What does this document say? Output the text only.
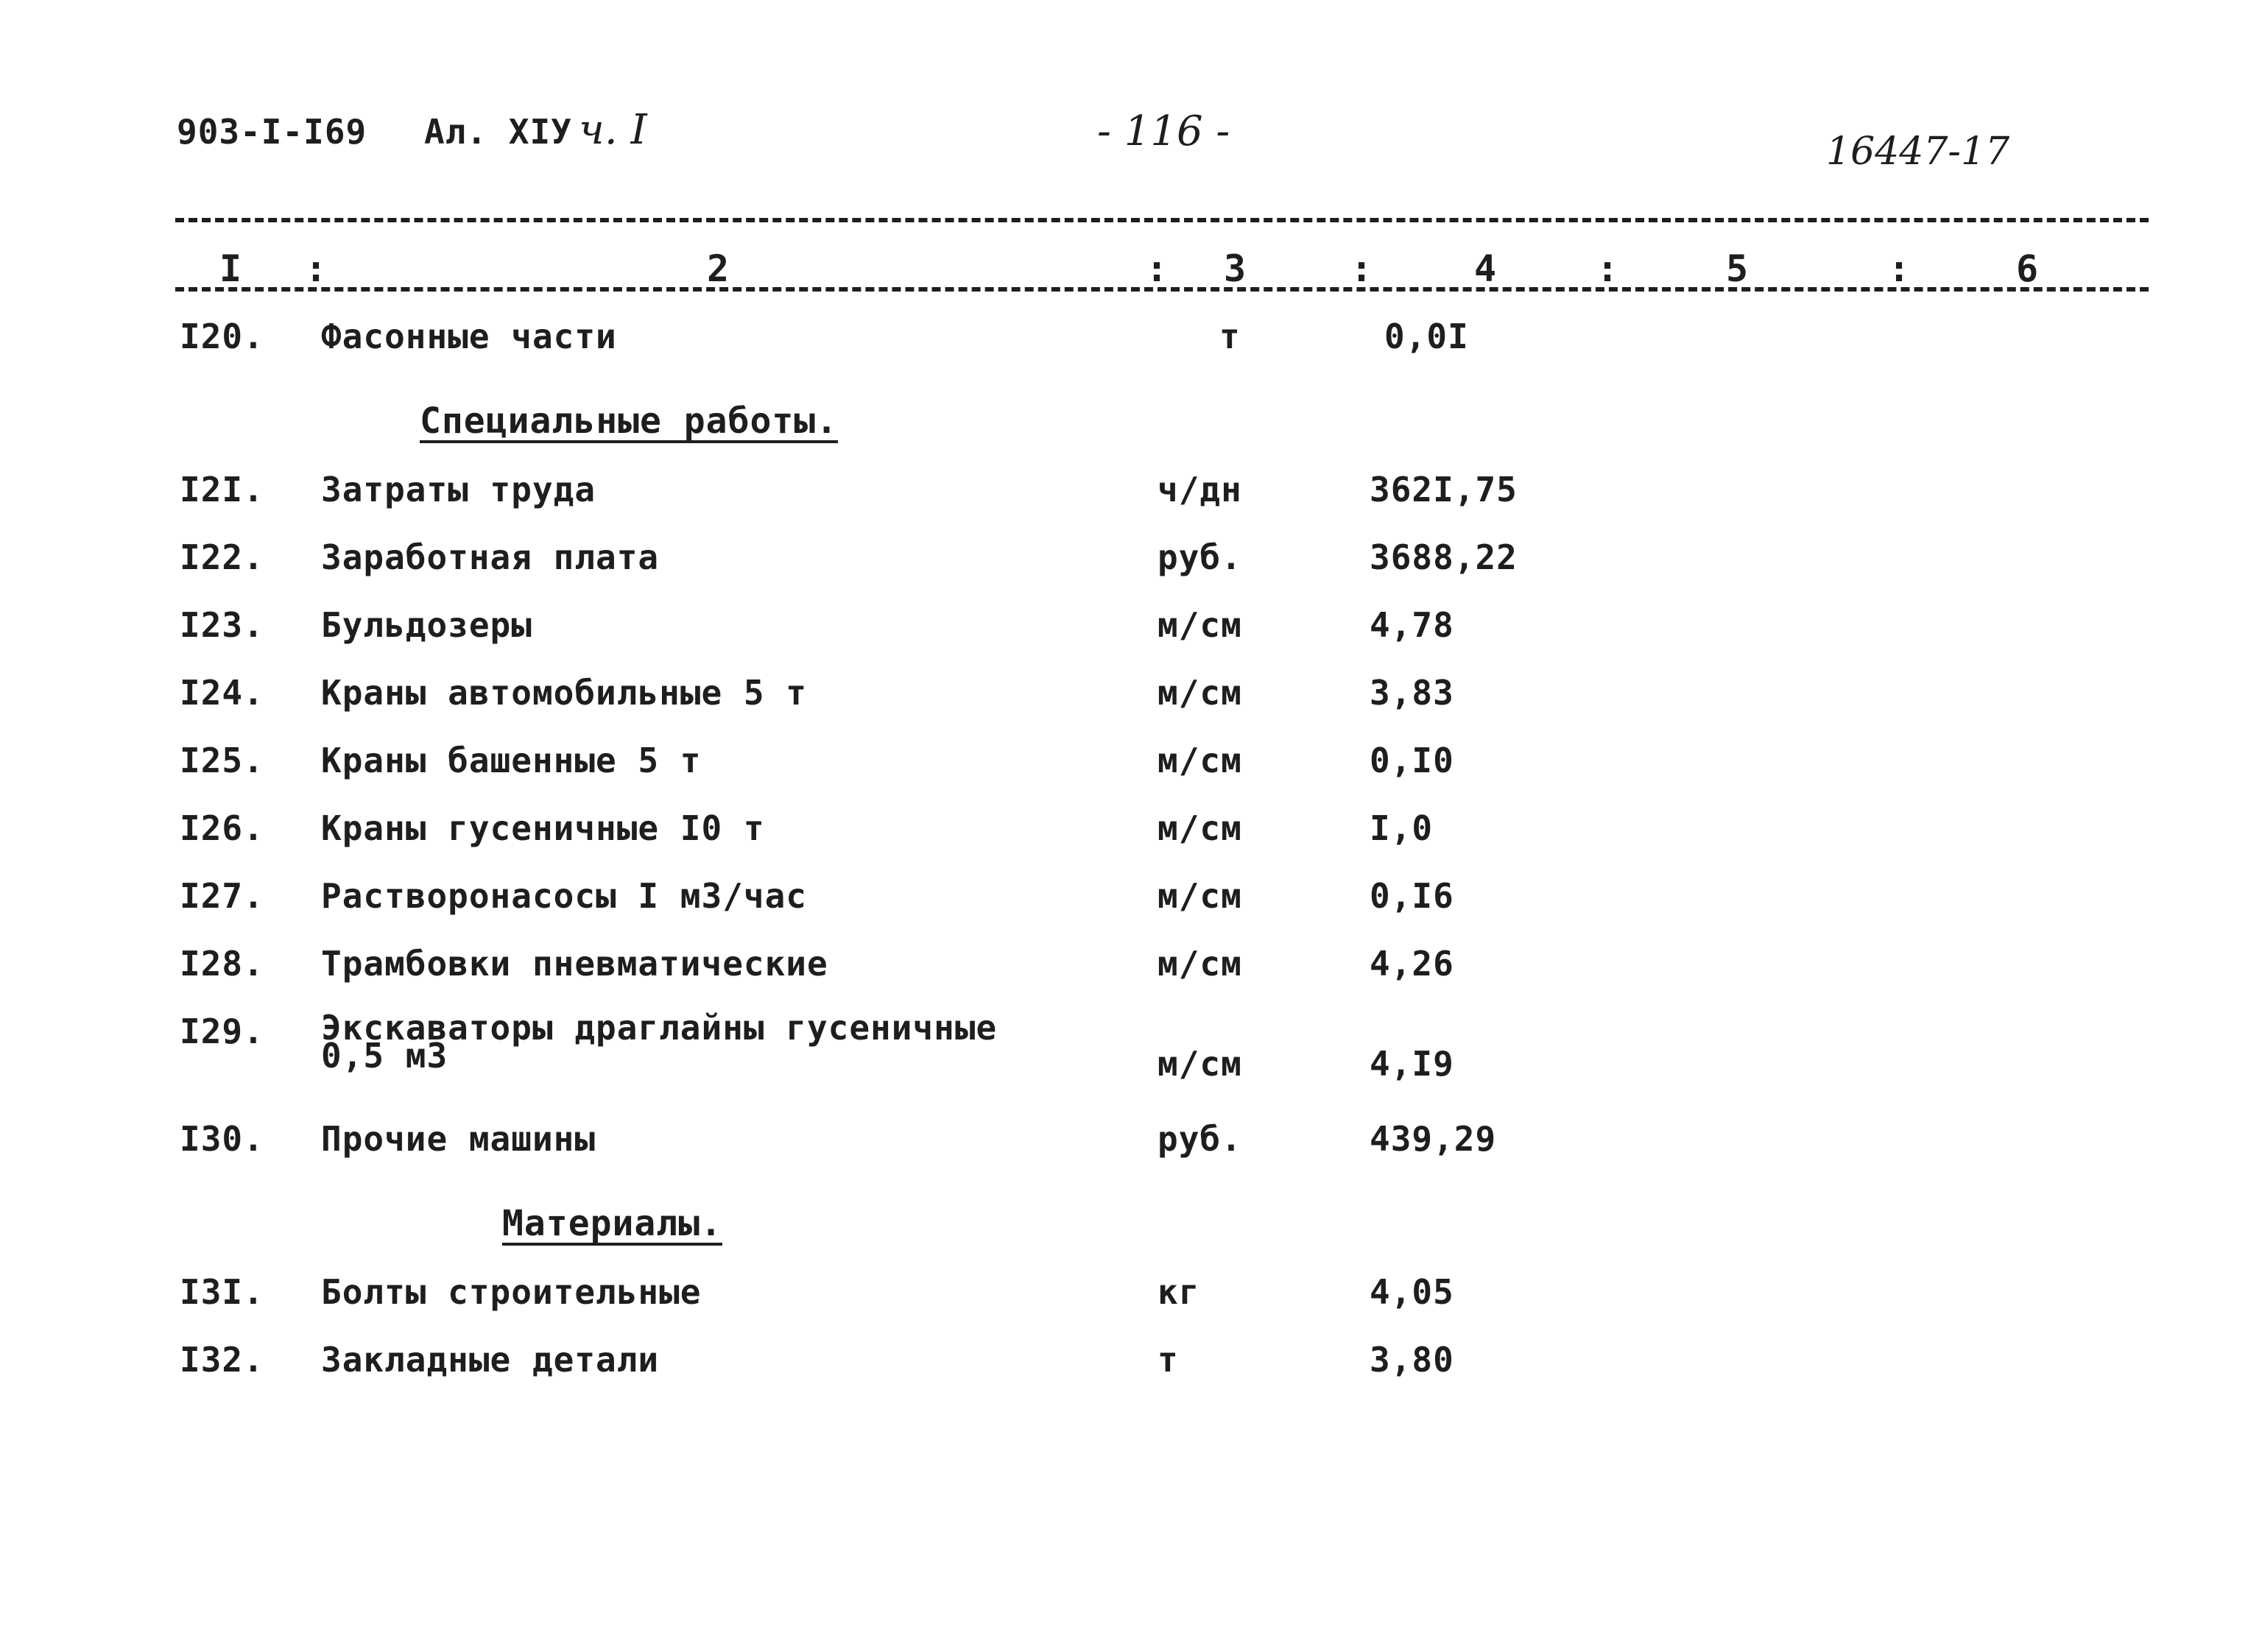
903-I-I69 Ал. XIУ ч. I	- 116 -	16447-17
I :	2	: 3	:	4	:	5	:	6
I20. Фасонные части	т	0,0I
Специальные работы.
I2I. Затраты труда	ч/дн	362I,75
I22. Заработная плата	руб.	3688,22
I23. Бульдозеры	м/см	4,78
I24. Краны автомобильные 5 т	м/см	3,83
I25. Краны башенные 5 т	м/см	0,I0
I26. Краны гусеничные I0 т	м/см	I,0
I27. Растворонасосы I м3/час	м/см	0,I6
I28. Трамбовки пневматические	м/см	4,26
I29. Экскаваторы драглайны гусеничные
0,5 м3	м/см	4,I9
I30. Прочие машины	руб.	439,29
Материалы.
I3I. Болты строительные	кг	4,05
I32. Закладные детали	т	3,80
